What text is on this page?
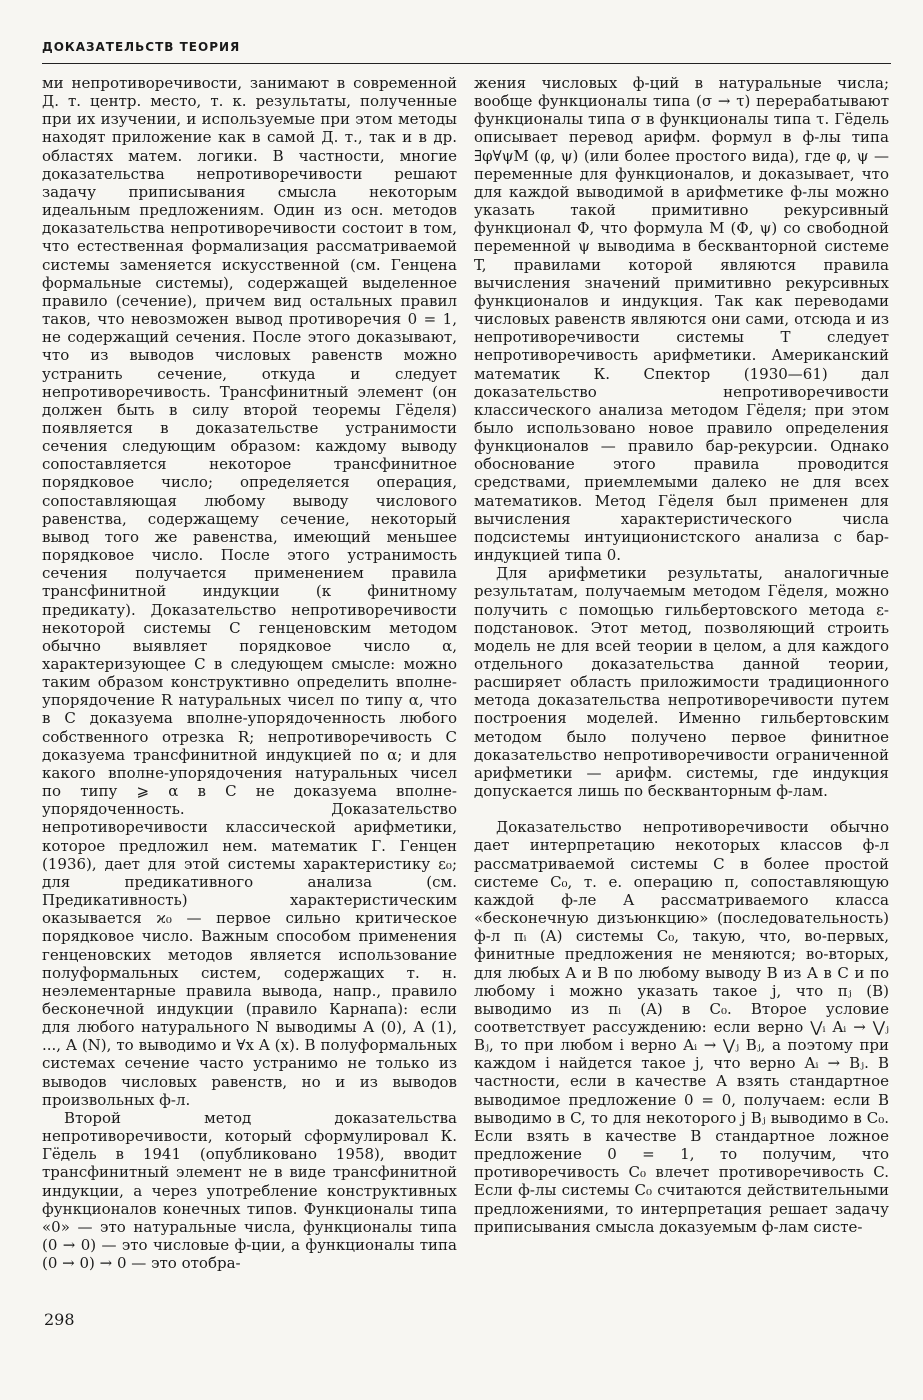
ДОКАЗАТЕЛЬСТВ ТЕОРИЯ

ми непротиворечивости, занимают в современной Д. т. центр. место, т. к. результаты, полученные при их изучении, и используемые при этом методы находят приложение как в самой Д. т., так и в др. областях матем. логики. В частности, многие доказательства непротиворечивости решают задачу приписывания смысла некоторым идеальным предложениям. Один из осн. методов доказательства непротиворечивости состоит в том, что естественная формализация рассматриваемой системы заменяется искусственной (см. Генцена формальные системы), содержащей выделенное правило (сечение), причем вид остальных правил таков, что невозможен вывод противоречия 0 = 1, не содержащий сечения. После этого доказывают, что из выводов числовых равенств можно устранить сечение, откуда и следует непротиворечивость. Трансфинитный элемент (он должен быть в силу второй теоремы Гёделя) появляется в доказательстве устранимости сечения следующим образом: каждому выводу сопоставляется некоторое трансфинитное порядковое число; определяется операция, сопоставляющая любому выводу числового равенства, содержащему сечение, некоторый вывод того же равенства, имеющий меньшее порядковое число. После этого устранимость сечения получается применением правила трансфинитной индукции (к финитному предикату). Доказательство непротиворечивости некоторой системы C генценовским методом обычно выявляет порядковое число α, характеризующее C в следующем смысле: можно таким образом конструктивно определить вполне-упорядочение R натуральных чисел по типу α, что в C доказуема вполне-упорядоченность любого собственного отрезка R; непротиворечивость C доказуема трансфинитной индукцией по α; и для какого вполне-упорядочения натуральных чисел по типу ⩾ α в C не доказуема вполне-упорядоченность. Доказательство непротиворечивости классической арифметики, которое предложил нем. математик Г. Генцен (1936), дает для этой системы характеристику ε₀; для предикативного анализа (см. Предикативность) характеристическим оказывается ϰ₀ — первое сильно критическое порядковое число. Важным способом применения генценовских методов является использование полуформальных систем, содержащих т. н. неэлементарные правила вывода, напр., правило бесконечной индукции (правило Карнапа): если для любого натурального N выводимы A (0), A (1), ..., A (N), то выводимо и ∀x A (x). В полуформальных системах сечение часто устранимо не только из выводов числовых равенств, но и из выводов произвольных ф-л.

Второй метод доказательства непротиворечивости, который сформулировал К. Гёдель в 1941 (опубликовано 1958), вводит трансфинитный элемент не в виде трансфинитной индукции, а через употребление конструктивных функционалов конечных типов. Функционалы типа «0» — это натуральные числа, функционалы типа (0 → 0) — это числовые ф-ции, а функционалы типа (0 → 0) → 0 — это отобра-

жения числовых ф-ций в натуральные числа; вообще функционалы типа (σ → τ) перерабатывают функционалы типа σ в функционалы типа τ. Гёдель описывает перевод арифм. формул в ф-лы типа ∃φ∀ψM (φ, ψ) (или более простого вида), где φ, ψ — переменные для функционалов, и доказывает, что для каждой выводимой в арифметике ф-лы можно указать такой примитивно рекурсивный функционал Φ, что формула M (Φ, ψ) со свободной переменной ψ выводима в бескванторной системе T, правилами которой являются правила вычисления значений примитивно рекурсивных функционалов и индукция. Так как переводами числовых равенств являются они сами, отсюда и из непротиворечивости системы T следует непротиворечивость арифметики. Американский математик К. Спектор (1930—61) дал доказательство непротиворечивости классического анализа методом Гёделя; при этом было использовано новое правило определения функционалов — правило бар-рекурсии. Однако обоснование этого правила проводится средствами, приемлемыми далеко не для всех математиков. Метод Гёделя был применен для вычисления характеристического числа подсистемы интуиционистского анализа с бар-индукцией типа 0.

Для арифметики результаты, аналогичные результатам, получаемым методом Гёделя, можно получить с помощью гильбертовского метода ε-подстановок. Этот метод, позволяющий строить модель не для всей теории в целом, а для каждого отдельного доказательства данной теории, расширяет область приложимости традиционного метода доказательства непротиворечивости путем построения моделей. Именно гильбертовским методом было получено первое финитное доказательство непротиворечивости ограниченной арифметики — арифм. системы, где индукция допускается лишь по бескванторным ф-лам.

Доказательство непротиворечивости обычно дает интерпретацию некоторых классов ф-л рассматриваемой системы C в более простой системе C₀, т. е. операцию π, сопоставляющую каждой ф-ле A рассматриваемого класса «бесконечную дизъюнкцию» (последовательность) ф-л πᵢ (A) системы C₀, такую, что, во-первых, финитные предложения не меняются; во-вторых, для любых A и B по любому выводу B из A в C и по любому i можно указать такое j, что πⱼ (B) выводимо из πᵢ (A) в C₀. Второе условие соответствует рассуждению: если верно ⋁ᵢ Aᵢ → ⋁ⱼ Bⱼ, то при любом i верно Aᵢ → ⋁ⱼ Bⱼ, а поэтому при каждом i найдется такое j, что верно Aᵢ → Bⱼ. В частности, если в качестве A взять стандартное выводимое предложение 0 = 0, получаем: если B выводимо в C, то для некоторого j Bⱼ выводимо в C₀. Если взять в качестве B стандартное ложное предложение 0 = 1, то получим, что противоречивость C₀ влечет противоречивость C. Если ф-лы системы C₀ считаются действительными предложениями, то интерпретация решает задачу приписывания смысла доказуемым ф-лам систе-

298
